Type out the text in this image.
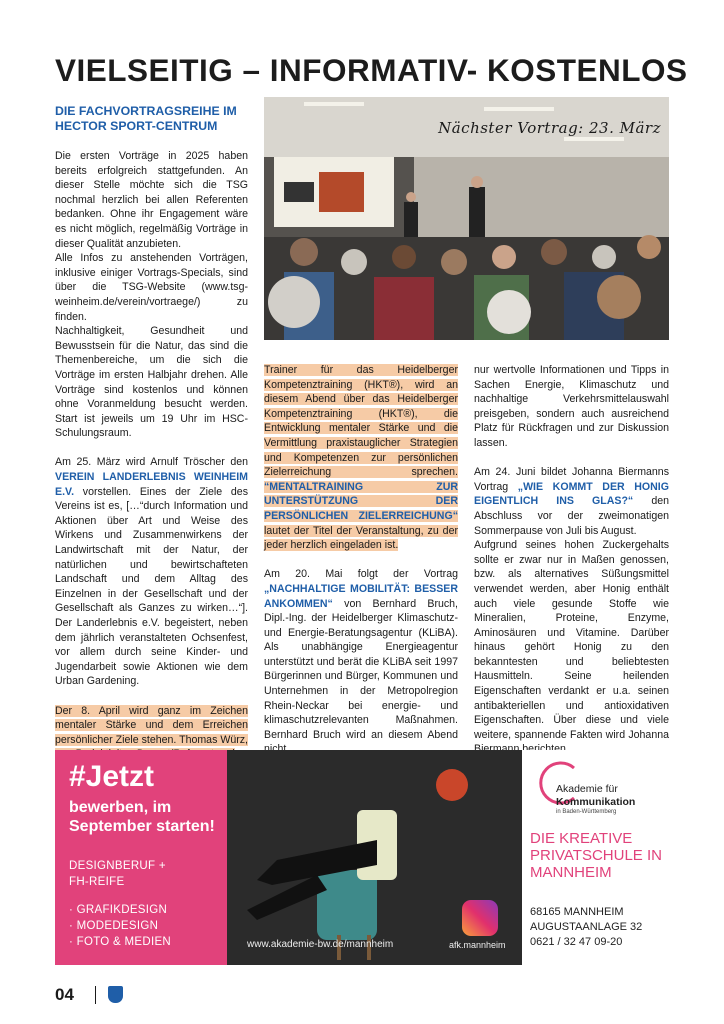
VIELSEITIG – INFORMATIV- KOSTENLOS
DIE FACHVORTRAGSREIHE IM HECTOR SPORT-CENTRUM

Die ersten Vorträge in 2025 haben bereits erfolgreich stattgefunden. An dieser Stelle möchte sich die TSG nochmal herzlich bei allen Referenten bedanken. Ohne ihr Engagement wäre es nicht möglich, regelmäßig Vorträge in dieser Qualität anzubieten.

Alle Infos zu anstehenden Vorträgen, inklusive einiger Vortrags-Specials, sind über die TSG-Website (www.tsg-weinheim.de/verein/vortraege/) zu finden.

Nachhaltigkeit, Gesundheit und Bewusstsein für die Natur, das sind die Themenbereiche, um die sich die Vorträge im ersten Halbjahr drehen. Alle Vorträge sind kostenlos und können ohne Voranmeldung besucht werden. Start ist jeweils um 19 Uhr im HSC-Schulungsraum.

Am 25. März wird Arnulf Tröscher den VEREIN LANDERLEBNIS WEINHEIM E.V. vorstellen. Eines der Ziele des Vereins ist es, […“durch Information und Aktionen über Art und Weise des Wirkens und Zusammenwirkens der Landwirtschaft mit der Natur, der natürlichen und bewirtschafteten Landschaft und dem Alltag des Einzelnen in der Gesellschaft und der Gesellschaft als Ganzes zu wirken…“]. Der Landerlebnis e.V. begeistert, neben dem jährlich veranstalteten Ochsenfest, vor allem durch seine Kinder- und Jugendarbeit sowie Aktionen wie dem Urban Gardening.

Der 8. April wird ganz im Zeichen mentaler Stärke und dem Erreichen persönlicher Ziele stehen. Thomas Würz,

Nächster Vortrag: 23. März

Trainer für das Heidelberger Kompetenztraining (HKT®), wird an diesem Abend über das Heidelberger Kompetenztraining (HKT®), die Entwicklung mentaler Stärke und die Vermittlung praxistauglicher Strategien und Kompetenzen zur persönlichen Zielerreichung sprechen. “MENTALTRAINING ZUR UNTERSTÜTZUNG DER PERSÖNLICHEN ZIELERREICHUNG“ lautet der Titel der Veranstaltung, zu der jeder herzlich eingeladen ist.

Am 20. Mai folgt der Vortrag „NACHHALTIGE MOBILITÄT: BESSER ANKOMMEN“ von Bernhard Bruch, Dipl.-Ing. der Heidelberger Klimaschutz- und Energie-Beratungsagentur (KLiBA). Als unabhängige Energieagentur unterstützt und berät die KLiBA seit 1997 Bürgerinnen und Bürger, Kommunen und Unternehmen in der Metropolregion Rhein-Neckar bei energie- und klimaschutzrelevanten Maßnahmen. Bernhard Bruch wird an diesem Abend

nur wertvolle Informationen und Tipps in Sachen Energie, Klimaschutz und nachhaltige Verkehrsmittelauswahl preisgeben, sondern auch ausreichend Platz für Rückfragen und zur Diskussion lassen.

Am 24. Juni bildet Johanna Biermanns Vortrag „WIE KOMMT DER HONIG EIGENTLICH INS GLAS?“ den Abschluss vor der zweimonatigen Sommerpause von Juli bis August.

Aufgrund seines hohen Zuckergehalts sollte er zwar nur in Maßen genossen, bzw. als alternatives Süßungsmittel verwendet werden, aber Honig enthält auch viele gesunde Stoffe wie Mineralien, Proteine, Enzyme, Aminosäuren und Vitamine. Darüber hinaus gehört Honig zu den bekanntesten und beliebtesten Hausmitteln. Seine heilenden Eigenschaften verdankt er u.a. seinen antibakteriellen und antioxidativen Eigenschaften. Über diese und viele weitere, spannende Fakten wird Johanna

#Jetzt
bewerben, im
September starten!
DESIGNBERUF +
FH-REIFE
· GRAFIKDESIGN
· MODEDESIGN
· FOTO & MEDIEN	www.akademie-bw.de/mannheim	afk.mannheim
Akademie für
Kommunikation
in Baden-Württemberg
DIE KREATIVE PRIVATSCHULE IN MANNHEIM
68165 MANNHEIM
AUGUSTAANLAGE 32
0621 / 32 47 09-20
04
